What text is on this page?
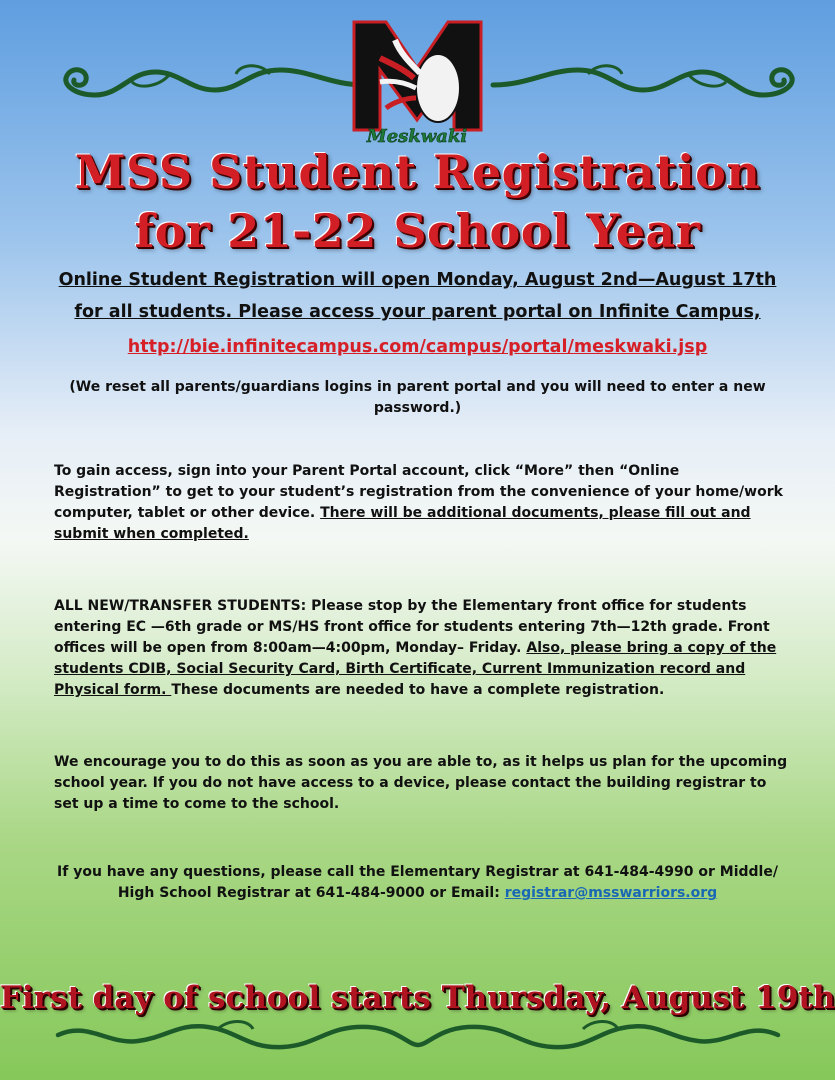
Meskwaki
MSS Student Registration
for 21-22 School Year
Online Student Registration will open Monday, August 2nd—August 17th
for all students. Please access your parent portal on Infinite Campus,
http://bie.infinitecampus.com/campus/portal/meskwaki.jsp
(We reset all parents/guardians logins in parent portal and you will need to enter a new password.)
To gain access, sign into your Parent Portal account, click “More” then “Online Registration” to get to your student’s registration from the convenience of your home/work computer, tablet or other device. There will be additional documents, please fill out and submit when completed.
ALL NEW/TRANSFER STUDENTS: Please stop by the Elementary front office for students entering EC —6th grade or MS/HS front office for students entering 7th—12th grade. Front offices will be open from 8:00am—4:00pm, Monday– Friday. Also, please bring a copy of the students CDIB, Social Security Card, Birth Certificate, Current Immunization record and Physical form. These documents are needed to have a complete registration.
We encourage you to do this as soon as you are able to, as it helps us plan for the upcoming school year. If you do not have access to a device, please contact the building registrar to set up a time to come to the school.
If you have any questions, please call the Elementary Registrar at 641-484-4990 or Middle/ High School Registrar at 641-484-9000 or Email: registrar@msswarriors.org
First day of school starts Thursday, August 19th
